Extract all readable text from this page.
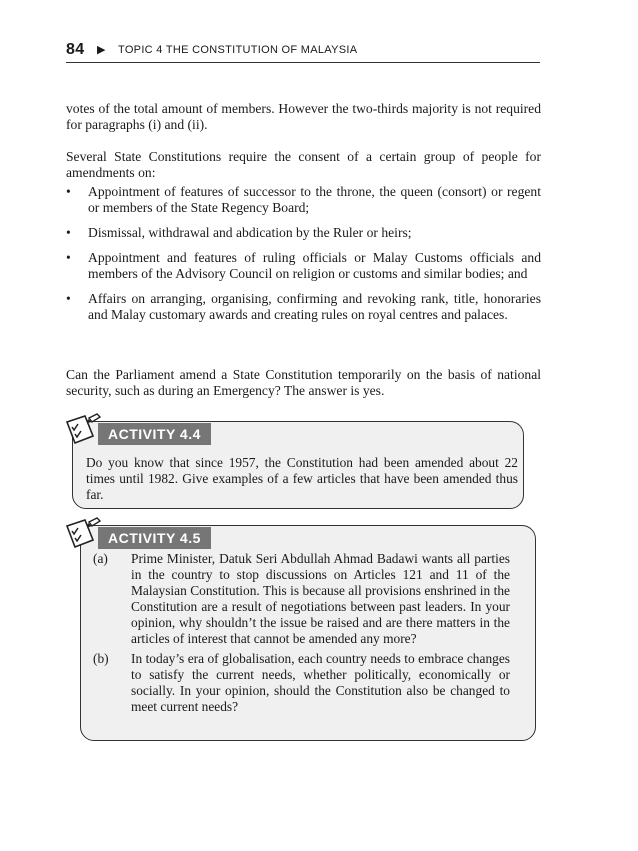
84 ▶ TOPIC 4 THE CONSTITUTION OF MALAYSIA

votes of the total amount of members. However the two-thirds majority is not required for paragraphs (i) and (ii).

Several State Constitutions require the consent of a certain group of people for amendments on:

• Appointment of features of successor to the throne, the queen (consort) or regent or members of the State Regency Board;
• Dismissal, withdrawal and abdication by the Ruler or heirs;
• Appointment and features of ruling officials or Malay Customs officials and members of the Advisory Council on religion or customs and similar bodies; and
• Affairs on arranging, organising, confirming and revoking rank, title, honoraries and Malay customary awards and creating rules on royal centres and palaces.

Can the Parliament amend a State Constitution temporarily on the basis of national security, such as during an Emergency? The answer is yes.

ACTIVITY 4.4

Do you know that since 1957, the Constitution had been amended about 22 times until 1982. Give examples of a few articles that have been amended thus far.

ACTIVITY 4.5
(a) Prime Minister, Datuk Seri Abdullah Ahmad Badawi wants all parties in the country to stop discussions on Articles 121 and 11 of the Malaysian Constitution. This is because all provisions enshrined in the Constitution are a result of negotiations between past leaders. In your opinion, why shouldn’t the issue be raised and are there matters in the articles of interest that cannot be amended any more?
(b) In today’s era of globalisation, each country needs to embrace changes to satisfy the current needs, whether politically, economically or socially. In your opinion, should the Constitution also be changed to meet current needs?
